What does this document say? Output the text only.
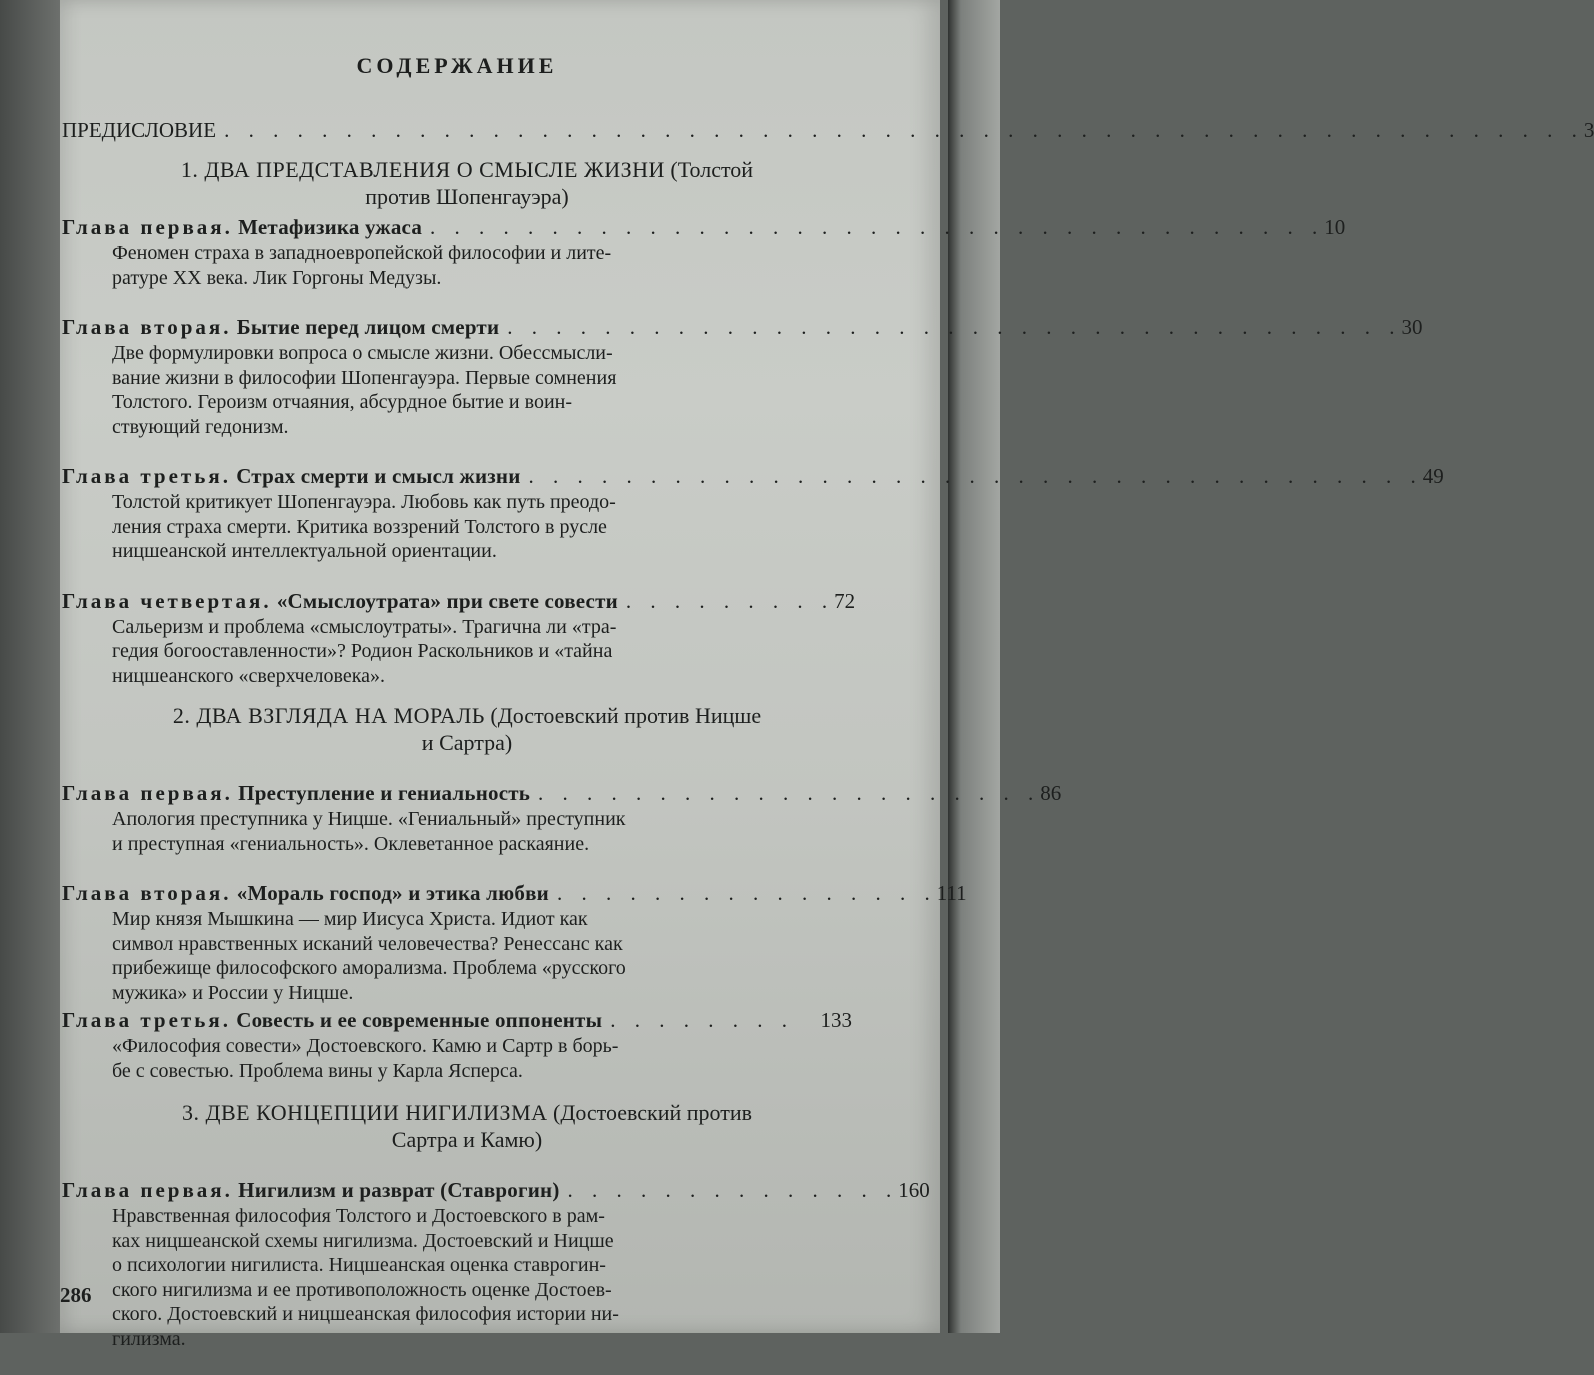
СОДЕРЖАНИЕ
ПРЕДИСЛОВИЕ . . . . . . . . . . . . . . . . . . . . . . . . . . . . . . . . . . . . . . . . . . . . . . . . . . . . . . . . 3
1. ДВА ПРЕДСТАВЛЕНИЯ О СМЫСЛЕ ЖИЗНИ (Толстой
против Шопенгауэра)
Глава первая. Метафизика ужаса . . . . . . . . . . . . . . . . . . . . . . . . . . . . . . . . . . . . . 10
Феномен страха в западноевропейской философии и лите-
ратуре XX века. Лик Горгоны Медузы.
Глава вторая. Бытие перед лицом смерти . . . . . . . . . . . . . . . . . . . . . . . . . . . . . . . . . . . . . 30
Две формулировки вопроса о смысле жизни. Обессмысли-
вание жизни в философии Шопенгауэра. Первые сомнения
Толстого. Героизм отчаяния, абсурдное бытие и воин-
ствующий гедонизм.
Глава третья. Страх смерти и смысл жизни . . . . . . . . . . . . . . . . . . . . . . . . . . . . . . . . . . . . . 49
Толстой критикует Шопенгауэра. Любовь как путь преодо-
ления страха смерти. Критика воззрений Толстого в русле
ницшеанской интеллектуальной ориентации.
Глава четвертая. «Смыслоутрата» при свете совести . . . . . . . . . 72
Сальеризм и проблема «смыслоутраты». Трагична ли «тра-
гедия богооставленности»? Родион Раскольников и «тайна
ницшеанского «сверхчеловека».
2. ДВА ВЗГЛЯДА НА МОРАЛЬ (Достоевский против Ницше
и Сартра)
Глава первая. Преступление и гениальность . . . . . . . . . . . . . . . . . . . . . 86
Апология преступника у Ницше. «Гениальный» преступник
и преступная «гениальность». Оклеветанное раскаяние.
Глава вторая. «Мораль господ» и этика любви . . . . . . . . . . . . . . . . 111
Мир князя Мышкина — мир Иисуса Христа. Идиот как
символ нравственных исканий человечества? Ренессанс как
прибежище философского аморализма. Проблема «русского
мужика» и России у Ницше.
Глава третья. Совесть и ее современные оппоненты . . . . . . . .	133
«Философия совести» Достоевского. Камю и Сартр в борь-
бе с совестью. Проблема вины у Карла Ясперса.
3. ДВЕ КОНЦЕПЦИИ НИГИЛИЗМА (Достоевский против
Сартра и Камю)
Глава первая. Нигилизм и разврат (Ставрогин) . . . . . . . . . . . . . . 160
Нравственная философия Толстого и Достоевского в рам-
ках ницшеанской схемы нигилизма. Достоевский и Ницше
о психологии нигилиста. Ницшеанская оценка ставрогин-
ского нигилизма и ее противоположность оценке Достоев-
ского. Достоевский и ницшеанская философия истории ни-
гилизма.
286
